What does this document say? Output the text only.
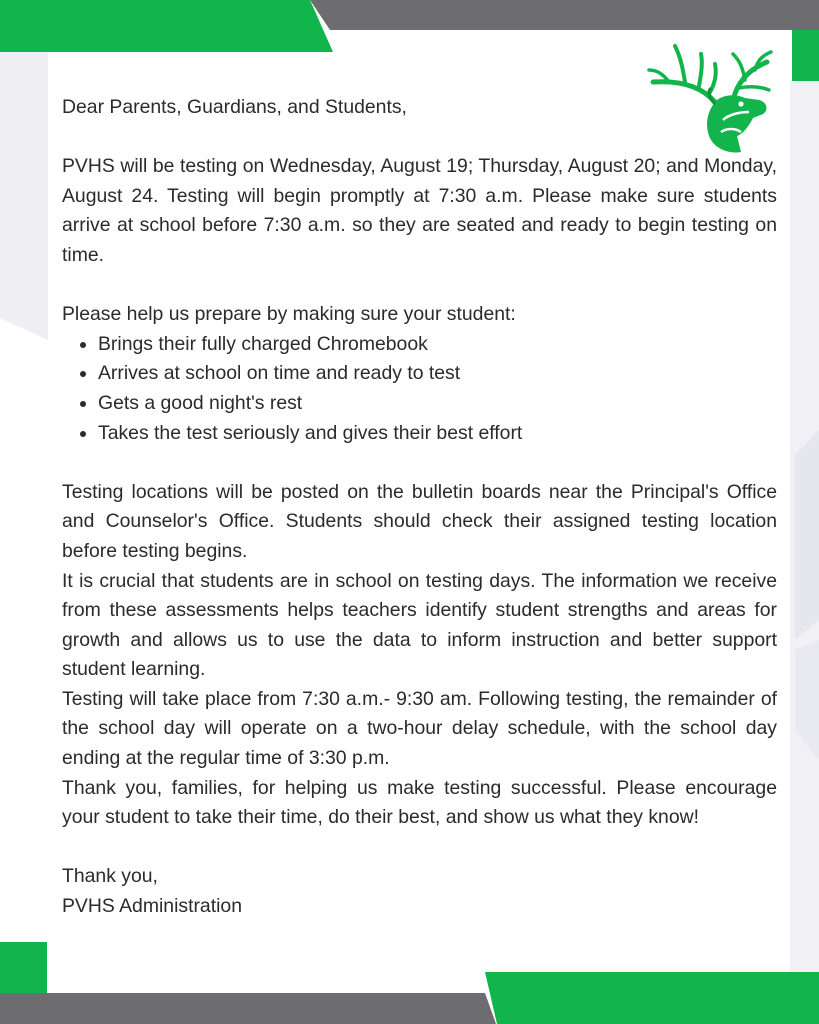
Dear Parents, Guardians, and Students,

PVHS will be testing on Wednesday, August 19; Thursday, August 20; and Monday, August 24. Testing will begin promptly at 7:30 a.m. Please make sure students arrive at school before 7:30 a.m. so they are seated and ready to begin testing on time.

Please help us prepare by making sure your student:

• Brings their fully charged Chromebook
• Arrives at school on time and ready to test
• Gets a good night's rest
• Takes the test seriously and gives their best effort

Testing locations will be posted on the bulletin boards near the Principal's Office and Counselor's Office. Students should check their assigned testing location before testing begins.

It is crucial that students are in school on testing days. The information we receive from these assessments helps teachers identify student strengths and areas for growth and allows us to use the data to inform instruction and better support student learning.

Testing will take place from 7:30 a.m.- 9:30 am. Following testing, the remainder of the school day will operate on a two-hour delay schedule, with the school day ending at the regular time of 3:30 p.m.

Thank you, families, for helping us make testing successful. Please encourage your student to take their time, do their best, and show us what they know!

Thank you,

PVHS Administration
